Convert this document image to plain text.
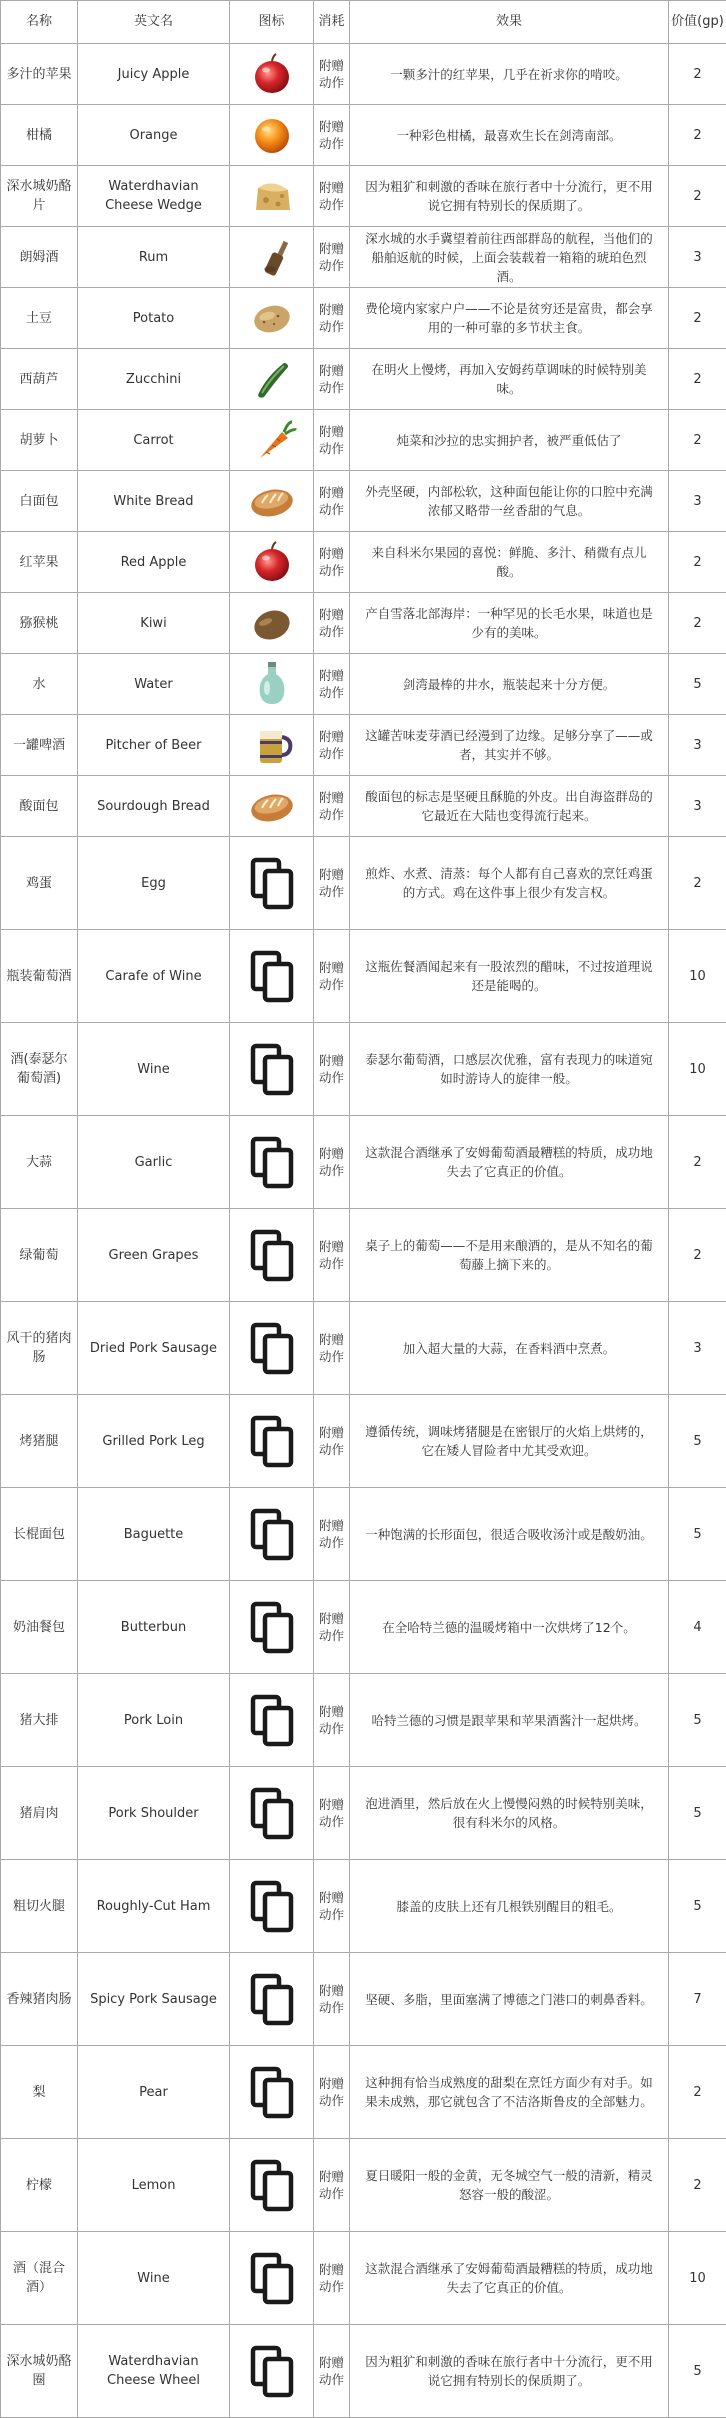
名称	英文名	图标	消耗	效果	价值(gp)
多汁的苹果	Juicy Apple		附赠动作	一颗多汁的红苹果，几乎在祈求你的啃咬。	2
柑橘	Orange		附赠动作	一种彩色柑橘，最喜欢生长在剑湾南部。	2
深水城奶酪片	Waterdhavian Cheese Wedge		附赠动作	因为粗犷和刺激的香味在旅行者中十分流行，更不用说它拥有特别长的保质期了。	2
朗姆酒	Rum		附赠动作	深水城的水手冀望着前往西部群岛的航程，当他们的船舶返航的时候，上面会装载着一箱箱的琥珀色烈酒。	3
土豆	Potato		附赠动作	费伦境内家家户户——不论是贫穷还是富贵，都会享用的一种可靠的多节状主食。	2
西葫芦	Zucchini		附赠动作	在明火上慢烤，再加入安姆药草调味的时候特别美味。	2
胡萝卜	Carrot		附赠动作	炖菜和沙拉的忠实拥护者，被严重低估了	2
白面包	White Bread		附赠动作	外壳坚硬，内部松软，这种面包能让你的口腔中充满浓郁又略带一丝香甜的气息。	3
红苹果	Red Apple		附赠动作	来自科米尔果园的喜悦：鲜脆、多汁、稍微有点儿酸。	2
猕猴桃	Kiwi		附赠动作	产自雪落北部海岸：一种罕见的长毛水果，味道也是少有的美味。	2
水	Water		附赠动作	剑湾最棒的井水，瓶装起来十分方便。	5
一罐啤酒	Pitcher of Beer		附赠动作	这罐苦味麦芽酒已经漫到了边缘。足够分享了——或者，其实并不够。	3
酸面包	Sourdough Bread		附赠动作	酸面包的标志是坚硬且酥脆的外皮。出自海盗群岛的它最近在大陆也变得流行起来。	3
鸡蛋	Egg		附赠动作	煎炸、水煮、清蒸：每个人都有自己喜欢的烹饪鸡蛋的方式。鸡在这件事上很少有发言权。	2
瓶装葡萄酒	Carafe of Wine		附赠动作	这瓶佐餐酒闻起来有一股浓烈的醋味，不过按道理说还是能喝的。	10
酒(泰瑟尔葡萄酒)	Wine		附赠动作	泰瑟尔葡萄酒，口感层次优雅，富有表现力的味道宛如时游诗人的旋律一般。	10
大蒜	Garlic		附赠动作	这款混合酒继承了安姆葡萄酒最糟糕的特质，成功地失去了它真正的价值。	2
绿葡萄	Green Grapes		附赠动作	桌子上的葡萄——不是用来酿酒的，是从不知名的葡萄藤上摘下来的。	2
风干的猪肉肠	Dried Pork Sausage		附赠动作	加入超大量的大蒜，在香料酒中烹煮。	3
烤猪腿	Grilled Pork Leg		附赠动作	遵循传统，调味烤猪腿是在密银厅的火焰上烘烤的，它在矮人冒险者中尤其受欢迎。	5
长棍面包	Baguette		附赠动作	一种饱满的长形面包，很适合吸收汤汁或是酸奶油。	5
奶油餐包	Butterbun		附赠动作	在全哈特兰德的温暖烤箱中一次烘烤了12个。	4
猪大排	Pork Loin		附赠动作	哈特兰德的习惯是跟苹果和苹果酒酱汁一起烘烤。	5
猪肩肉	Pork Shoulder		附赠动作	泡进酒里，然后放在火上慢慢闷熟的时候特别美味，很有科米尔的风格。	5
粗切火腿	Roughly-Cut Ham		附赠动作	膝盖的皮肤上还有几根铁别醒目的粗毛。	5
香辣猪肉肠	Spicy Pork Sausage		附赠动作	坚硬、多脂，里面塞满了博德之门港口的刺鼻香料。	7
梨	Pear		附赠动作	这种拥有恰当成熟度的甜梨在烹饪方面少有对手。如果未成熟，那它就包含了不洁洛斯鲁皮的全部魅力。	2
柠檬	Lemon		附赠动作	夏日暖阳一般的金黄，无冬城空气一般的清新，精灵怒容一般的酸涩。	2
酒（混合酒）	Wine		附赠动作	这款混合酒继承了安姆葡萄酒最糟糕的特质，成功地失去了它真正的价值。	10
深水城奶酪圈	Waterdhavian Cheese Wheel		附赠动作	因为粗犷和刺激的香味在旅行者中十分流行，更不用说它拥有特别长的保质期了。	5
